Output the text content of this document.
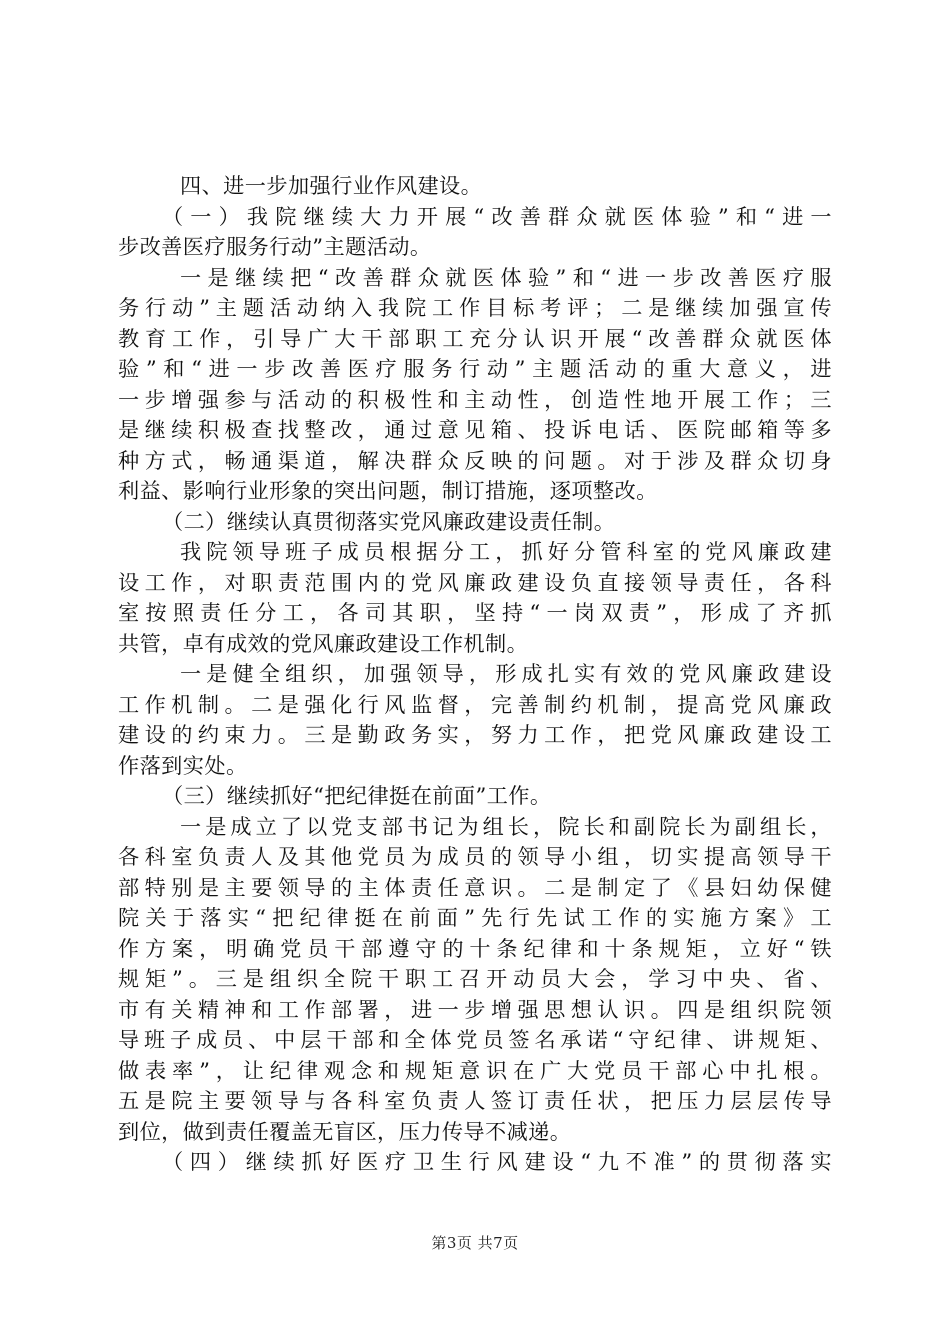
四、进一步加强行业作风建设。
（一）我院继续大力开展“改善群众就医体验”和“进一
步改善医疗服务行动”主题活动。
一是继续把“改善群众就医体验”和“进一步改善医疗服
务行动”主题活动纳入我院工作目标考评；二是继续加强宣传
教育工作，引导广大干部职工充分认识开展“改善群众就医体
验”和“进一步改善医疗服务行动”主题活动的重大意义，进
一步增强参与活动的积极性和主动性，创造性地开展工作；三
是继续积极查找整改，通过意见箱、投诉电话、医院邮箱等多
种方式，畅通渠道，解决群众反映的问题。对于涉及群众切身
利益、影响行业形象的突出问题，制订措施，逐项整改。
（二）继续认真贯彻落实党风廉政建设责任制。
我院领导班子成员根据分工，抓好分管科室的党风廉政建
设工作，对职责范围内的党风廉政建设负直接领导责任，各科
室按照责任分工，各司其职，坚持“一岗双责”，形成了齐抓
共管，卓有成效的党风廉政建设工作机制。
一是健全组织，加强领导，形成扎实有效的党风廉政建设
工作机制。二是强化行风监督，完善制约机制，提高党风廉政
建设的约束力。三是勤政务实，努力工作，把党风廉政建设工
作落到实处。
（三）继续抓好“把纪律挺在前面”工作。
一是成立了以党支部书记为组长，院长和副院长为副组长，
各科室负责人及其他党员为成员的领导小组，切实提高领导干
部特别是主要领导的主体责任意识。二是制定了《县妇幼保健
院关于落实“把纪律挺在前面”先行先试工作的实施方案》工
作方案，明确党员干部遵守的十条纪律和十条规矩，立好“铁
规矩”。三是组织全院干职工召开动员大会，学习中央、省、
市有关精神和工作部署，进一步增强思想认识。四是组织院领
导班子成员、中层干部和全体党员签名承诺“守纪律、讲规矩、
做表率”，让纪律观念和规矩意识在广大党员干部心中扎根。
五是院主要领导与各科室负责人签订责任状，把压力层层传导
到位，做到责任覆盖无盲区，压力传导不减递。
（四）继续抓好医疗卫生行风建设“九不准”的贯彻落实
第3页 共7页
